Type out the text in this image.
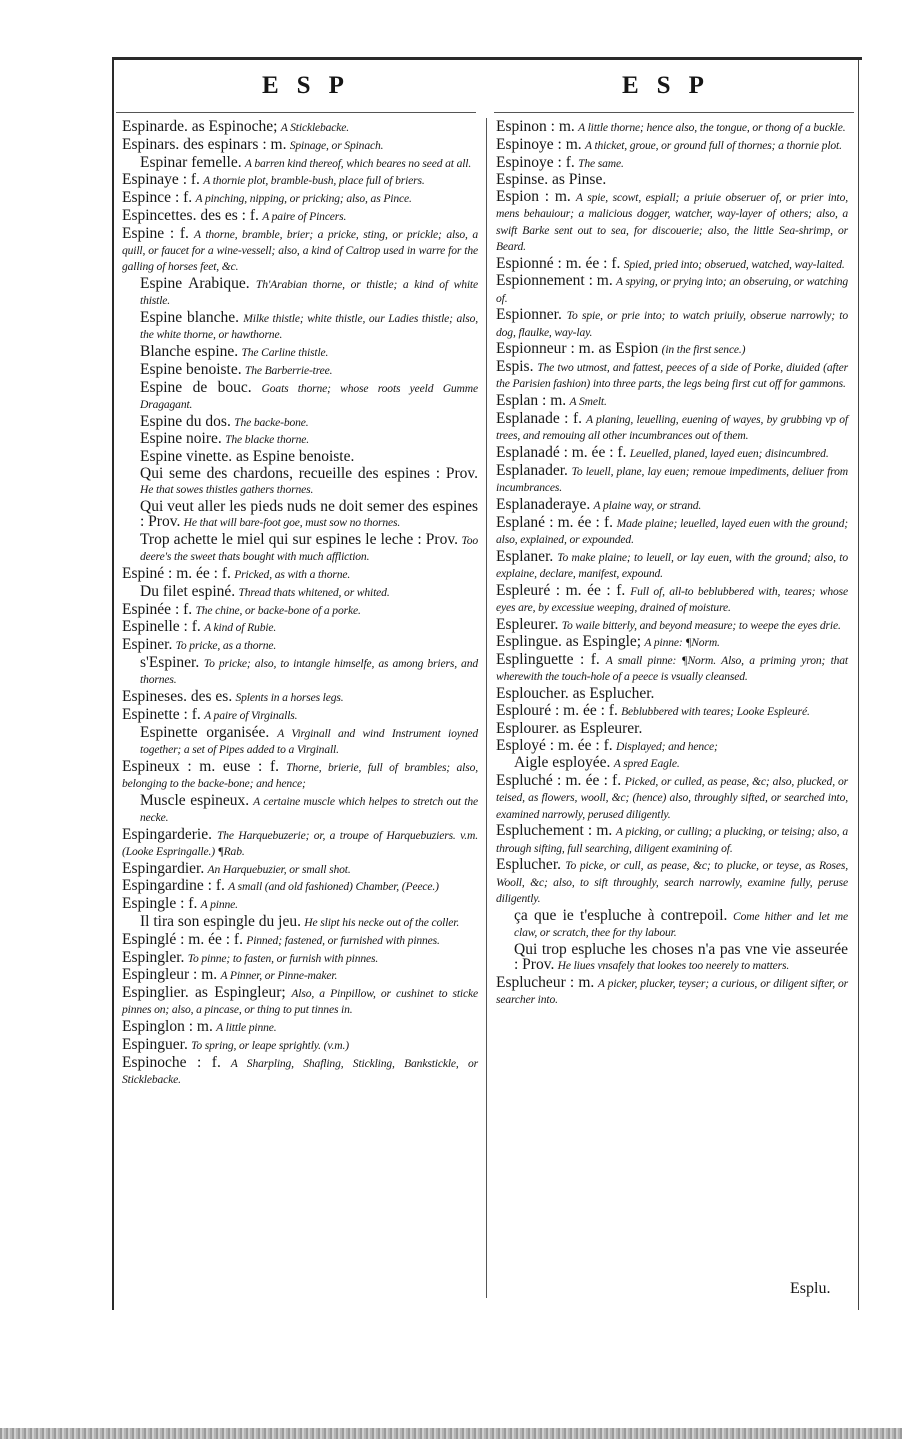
ESP	ESP
Espinarde. as Espinoche; A Sticklebacke.
Espinars. des espinars : m. Spinage, or Spinach.
Espinar femelle. A barren kind thereof, which beares no seed at all.
Espinaye : f. A thornie plot, bramble-bush, place full of briers.
Espince : f. A pinching, nipping, or pricking; also, as Pince.
Espincettes. des es : f. A paire of Pincers.
Espine : f. A thorne, bramble, brier; a pricke, sting, or prickle; also, a quill, or faucet for a wine-vessell; also, a kind of Caltrop used in warre for the galling of horses feet, &c.
Espine Arabique. Th'Arabian thorne, or thistle; a kind of white thistle.
Espine blanche. Milke thistle; white thistle, our Ladies thistle; also, the white thorne, or hawthorne.
Blanche espine. The Carline thistle.
Espine benoiste. The Barberrie-tree.
Espine de bouc. Goats thorne; whose roots yeeld Gumme Dragagant.
Espine du dos. The backe-bone.
Espine noire. The blacke thorne.
Espine vinette. as Espine benoiste.
Qui seme des chardons, recueille des espines : Prov. He that sowes thistles gathers thornes.
Qui veut aller les pieds nuds ne doit semer des espines : Prov. He that will bare-foot goe, must sow no thornes.
Trop achette le miel qui sur espines le leche : Prov. Too deere's the sweet thats bought with much affliction.
Espiné : m. ée : f. Pricked, as with a thorne.
Du filet espiné. Thread thats whitened, or whited.
Espinée : f. The chine, or backe-bone of a porke.
Espinelle : f. A kind of Rubie.
Espiner. To pricke, as a thorne.
s'Espiner. To pricke; also, to intangle himselfe, as among briers, and thornes.
Espineses. des es. Splents in a horses legs.
Espinette : f. A paire of Virginalls.
Espinette organisée. A Virginall and wind Instrument ioyned together; a set of Pipes added to a Virginall.
Espineux : m. euse : f. Thorne, brierie, full of brambles; also, belonging to the backe-bone; and hence;
Muscle espineux. A certaine muscle which helpes to stretch out the necke.
Espingarderie. The Harquebuzerie; or, a troupe of Harquebuziers. v.m. (Looke Espringalle.) ¶Rab.
Espingardier. An Harquebuzier, or small shot.
Espingardine : f. A small (and old fashioned) Chamber, (Peece.)
Espingle : f. A pinne.
Il tira son espingle du jeu. He slipt his necke out of the coller.
Espinglé : m. ée : f. Pinned; fastened, or furnished with pinnes.
Espingler. To pinne; to fasten, or furnish with pinnes.
Espingleur : m. A Pinner, or Pinne-maker.
Espinglier. as Espingleur; Also, a Pinpillow, or cushinet to sticke pinnes on; also, a pincase, or thing to put tinnes in.
Espinglon : m. A little pinne.
Espinguer. To spring, or leape sprightly. (v.m.)
Espinoche : f. A Sharpling, Shafling, Stickling, Bankstickle, or Sticklebacke.
Espinon : m. A little thorne; hence also, the tongue, or thong of a buckle.
Espinoye : m. A thicket, groue, or ground full of thornes; a thornie plot.
Espinoye : f. The same.
Espinse. as Pinse.
Espion : m. A spie, scowt, espiall; a priuie obseruer of, or prier into, mens behauiour; a malicious dogger, watcher, way-layer of others; also, a swift Barke sent out to sea, for discouerie; also, the little Sea-shrimp, or Beard.
Espionné : m. ée : f. Spied, pried into; obserued, watched, way-laited.
Espionnement : m. A spying, or prying into; an obseruing, or watching of.
Espionner. To spie, or prie into; to watch priuily, obserue narrowly; to dog, flaulke, way-lay.
Espionneur : m. as Espion (in the first sence.)
Espis. The two utmost, and fattest, peeces of a side of Porke, diuided (after the Parisien fashion) into three parts, the legs being first cut off for gammons.
Esplan : m. A Smelt.
Esplanade : f. A planing, leuelling, euening of wayes, by grubbing vp of trees, and remouing all other incumbrances out of them.
Esplanadé : m. ée : f. Leuelled, planed, layed euen; disincumbred.
Esplanader. To leuell, plane, lay euen; remoue impediments, deliuer from incumbrances.
Esplanaderaye. A plaine way, or strand.
Esplané : m. ée : f. Made plaine; leuelled, layed euen with the ground; also, explained, or expounded.
Esplaner. To make plaine; to leuell, or lay euen, with the ground; also, to explaine, declare, manifest, expound.
Espleuré : m. ée : f. Full of, all-to beblubbered with, teares; whose eyes are, by excessiue weeping, drained of moisture.
Espleurer. To waile bitterly, and beyond measure; to weepe the eyes drie.
Esplingue. as Espingle; A pinne: ¶Norm.
Esplinguette : f. A small pinne: ¶Norm. Also, a priming yron; that wherewith the touch-hole of a peece is vsually cleansed.
Esploucher. as Esplucher.
Esplouré : m. ée : f. Beblubbered with teares; Looke Espleuré.
Esplourer. as Espleurer.
Esployé : m. ée : f. Displayed; and hence;
Aigle esployée. A spred Eagle.
Espluché : m. ée : f. Picked, or culled, as pease, &c; also, plucked, or teised, as flowers, wooll, &c; (hence) also, throughly sifted, or searched into, examined narrowly, perused diligently.
Espluchement : m. A picking, or culling; a plucking, or teising; also, a through sifting, full searching, diligent examining of.
Esplucher. To picke, or cull, as pease, &c; to plucke, or teyse, as Roses, Wooll, &c; also, to sift throughly, search narrowly, examine fully, peruse diligently.
ça que ie t'espluche à contrepoil. Come hither and let me claw, or scratch, thee for thy labour.
Qui trop espluche les choses n'a pas vne vie asseurée : Prov. He liues vnsafely that lookes too neerely to matters.
Esplucheur : m. A picker, plucker, teyser; a curious, or diligent sifter, or searcher into.
Esplu.
